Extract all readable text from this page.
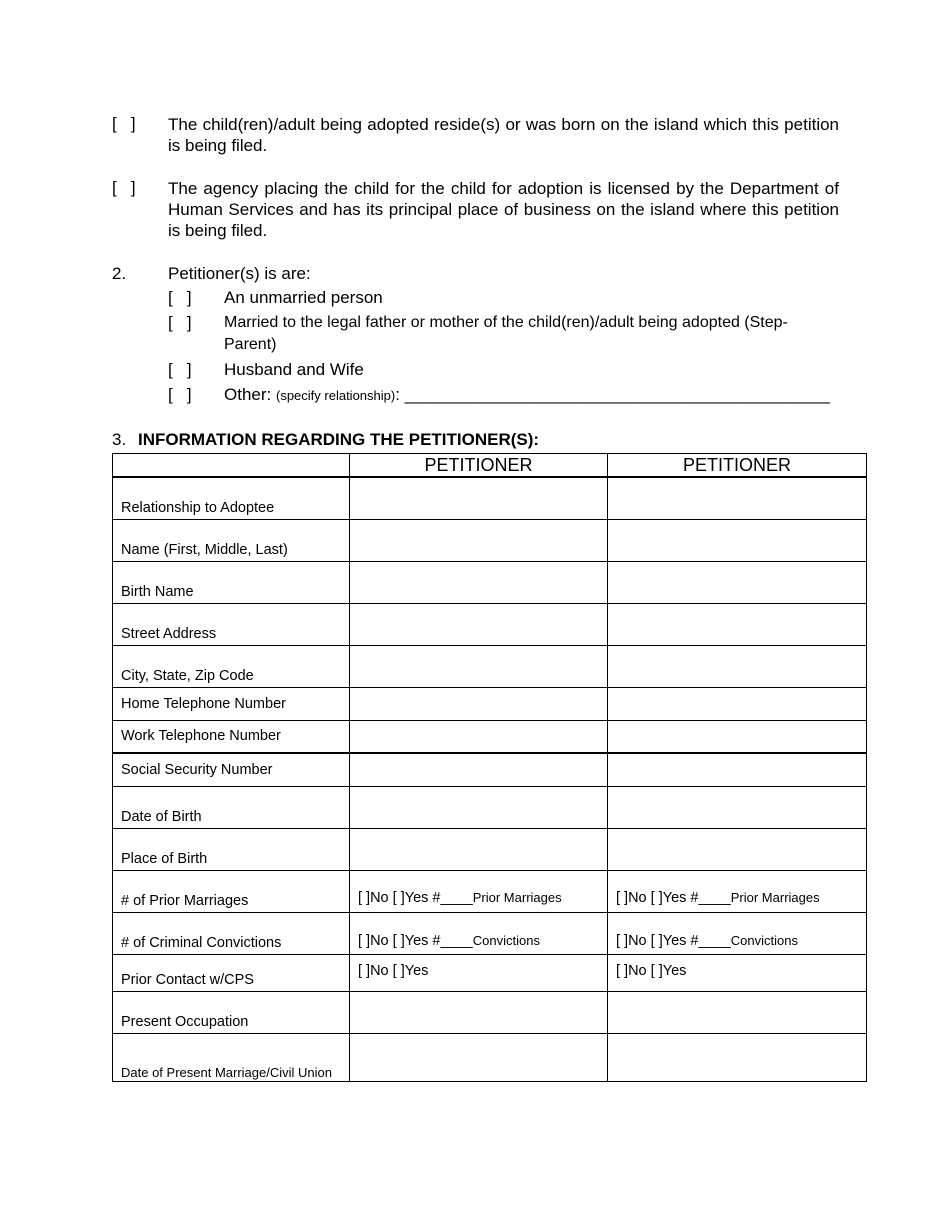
[   ] The child(ren)/adult being adopted reside(s) or was born on the island which this petition is being filed.
[   ] The agency placing the child for the child for adoption is licensed by the Department of Human Services and has its principal place of business on the island where this petition is being filed.
2. Petitioner(s) is are:
[   ] An unmarried person
[   ] Married to the legal father or mother of the child(ren)/adult being adopted (Step-
Parent)
[   ] Husband and Wife
[   ] Other: (specify relationship): _____________________________________________
3. INFORMATION REGARDING THE PETITIONER(S):
	PETITIONER	PETITIONER
Relationship to Adoptee		
Name (First, Middle, Last)		
Birth Name		
Street Address		
City, State, Zip Code		
Home Telephone Number		
Work Telephone Number		
Social Security Number		
Date of Birth		
Place of Birth		
# of Prior Marriages	[ ]No [ ]Yes #____Prior Marriages	[ ]No [ ]Yes #____Prior Marriages
# of Criminal Convictions	[ ]No [ ]Yes #____Convictions	[ ]No [ ]Yes #____Convictions
Prior Contact w/CPS	[ ]No [ ]Yes	[ ]No [ ]Yes
Present Occupation		
Date of Present Marriage/Civil Union		
